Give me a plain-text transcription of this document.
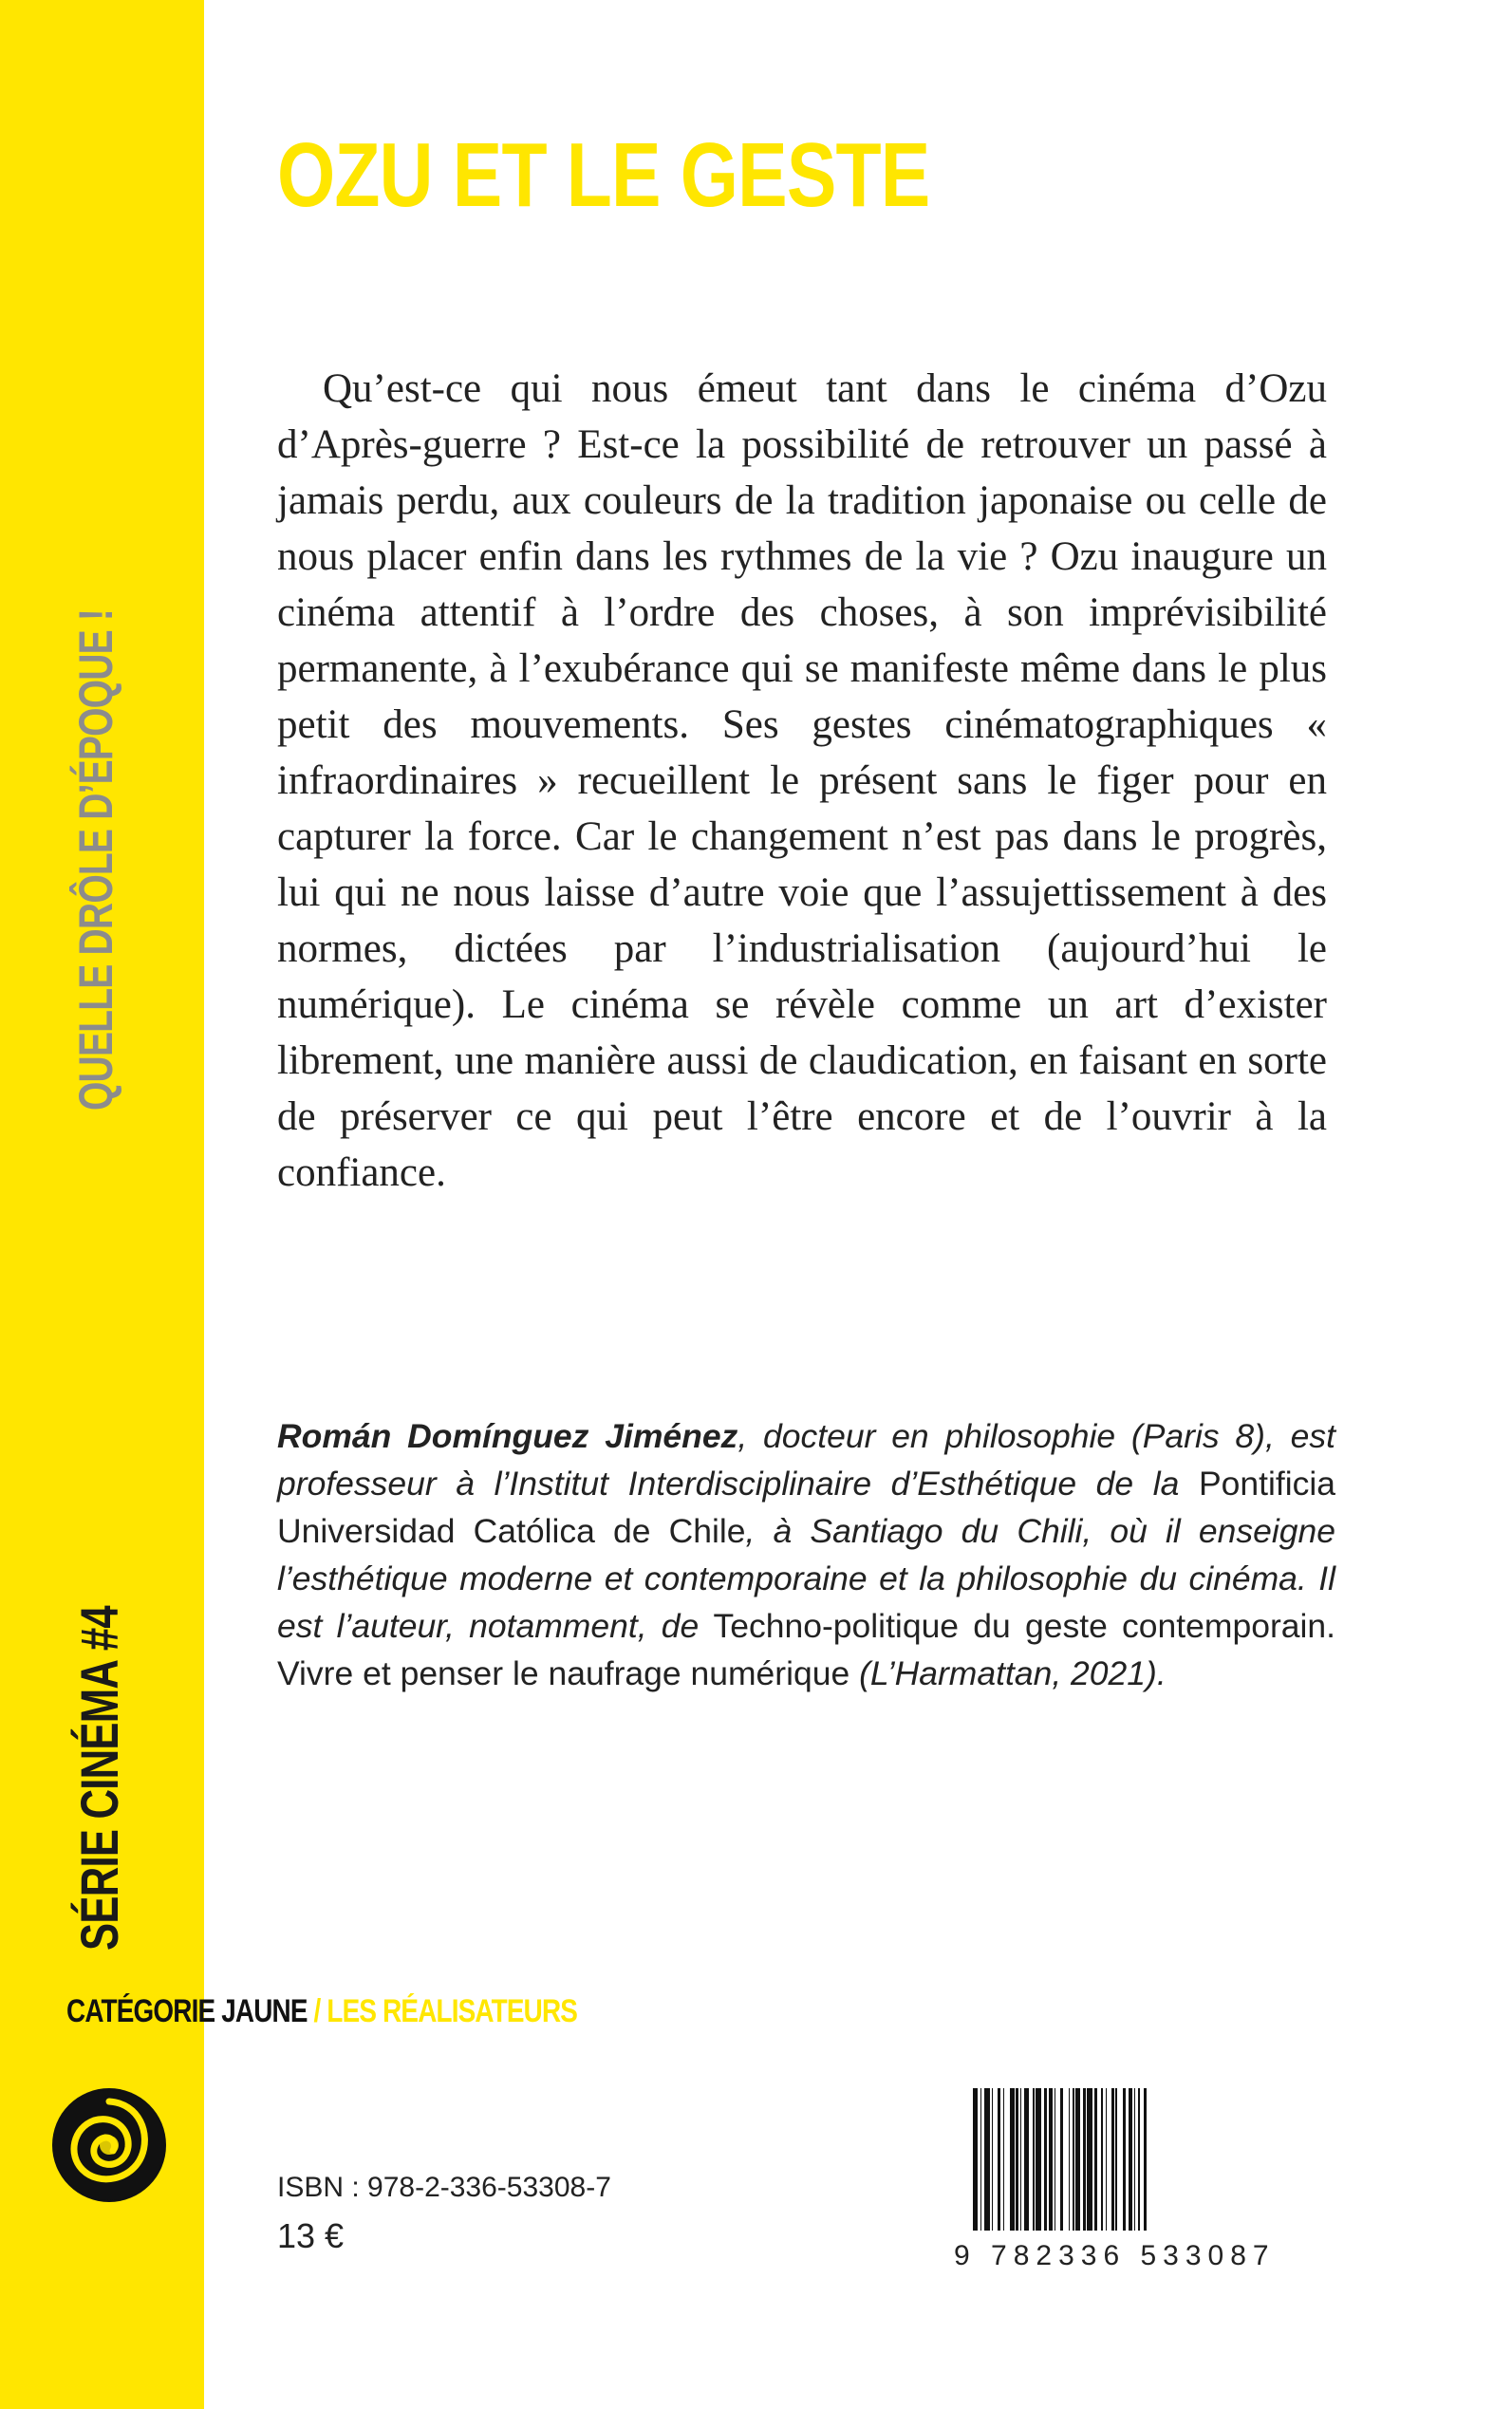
QUELLE DRÔLE D’ÉPOQUE !
SÉRIE CINÉMA #4
CATÉGORIE JAUNE / LES RÉALISATEURS
OZU ET LE GESTE

Qu’est-ce qui nous émeut tant dans le cinéma d’Ozu d’Après-guerre ? Est-ce la possibilité de retrouver un passé à jamais perdu, aux couleurs de la tradition japonaise ou celle de nous placer enfin dans les rythmes de la vie ? Ozu inaugure un cinéma attentif à l’ordre des choses, à son imprévisibilité permanente, à l’exubérance qui se manifeste même dans le plus petit des mouvements. Ses gestes cinématographiques « infraordinaires » recueillent le présent sans le figer pour en capturer la force. Car le changement n’est pas dans le progrès, lui qui ne nous laisse d’autre voie que l’assujettissement à des normes, dictées par l’industrialisation (aujourd’hui le numérique). Le cinéma se révèle comme un art d’exister librement, une manière aussi de claudication, en faisant en sorte de préserver ce qui peut l’être encore et de l’ouvrir à la confiance.

Román Domínguez Jiménez, docteur en philosophie (Paris 8), est professeur à l’Institut Interdisciplinaire d’Esthétique de la Pontificia Universidad Católica de Chile, à Santiago du Chili, où il enseigne l’esthétique moderne et contemporaine et la philosophie du cinéma. Il est l’auteur, notamment, de Techno-politique du geste contemporain. Vivre et penser le naufrage numérique (L’Harmattan, 2021).

ISBN : 978-2-336-53308-7
13 €
9 782336 533087
